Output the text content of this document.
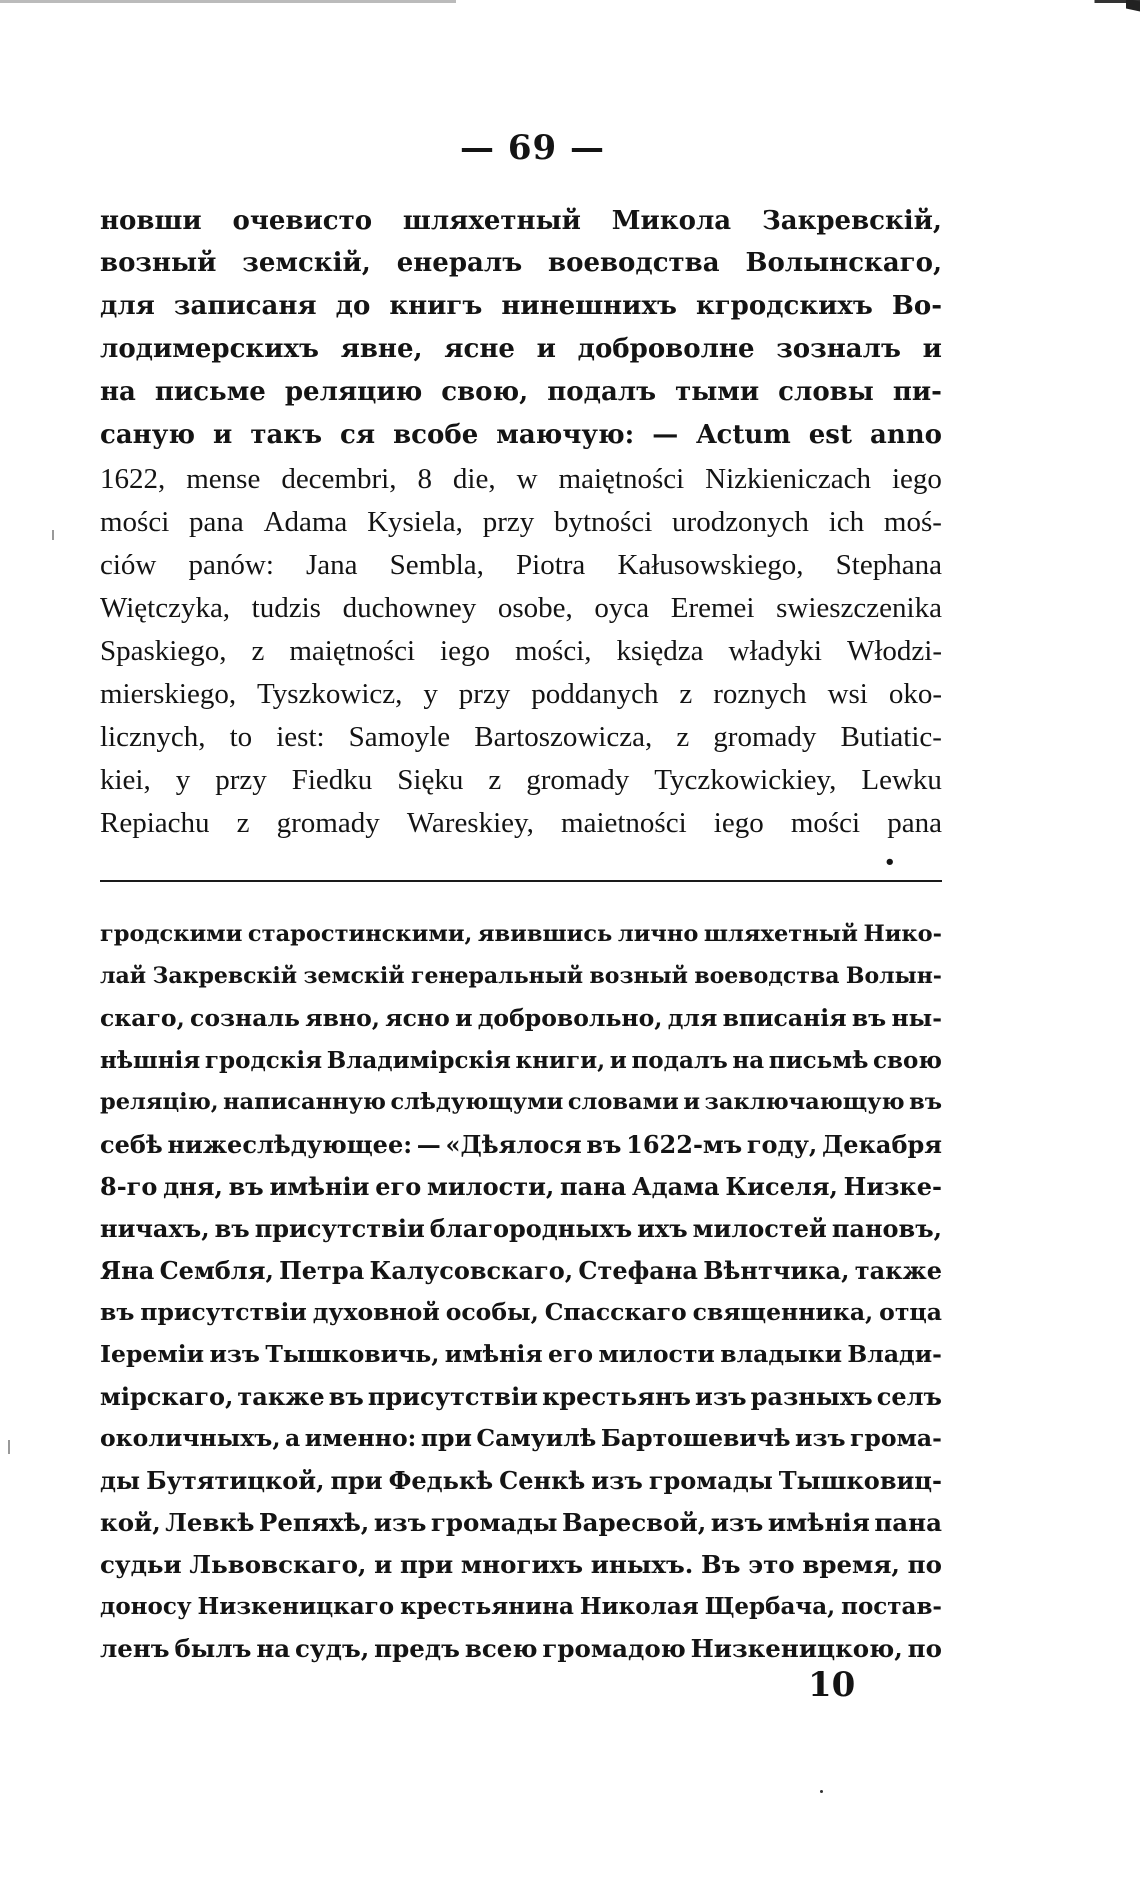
— 69 —
новши очевисто шляхетный Микола Закревскій,
возный земскій, енералъ воеводства Волынскаго,
для записаня до книгъ нинешнихъ кгродскихъ Во-
лодимерскихъ явне, ясне и доброволне зозналъ и
на письме реляцию свою, подалъ тыми словы пи-
саную и такъ ся всобе маючую: — Actum est anno
1622, mense decembri, 8 die, w maiętności Nizkieniczach iego
mości pana Adama Kysiela, przy bytności urodzonych ich moś-
ciów panów: Jana Sembla, Piotra Kałusowskiego, Stephana
Więtczyka, tudzis duchowney osobe, oyca Eremei swieszczenika
Spaskiego, z maiętności iego mości, księdza władyki Włodzi-
mierskiego, Tyszkowicz, y przy poddanych z roznych wsi oko-
licznych, to iest: Samoyle Bartoszowicza, z gromady Butiatic-
kiei, y przy Fiedku Sięku z gromady Tyczkowickiey, Lewku
Repiachu z gromady Wareskiey, maietności iego mości pana
•
гродскими старостинскими, явившись лично шляхетный Нико-
лай Закревскій земскій генеральный возный воеводства Волын-
скаго, созналь явно, ясно и добровольно, для вписанія въ ны-
нѣшнія гродскія Владимірскія книги, и подалъ на письмѣ свою
реляцію, написанную слѣдующуми словами и заключающую въ
себѣ нижеслѣдующее: — «Дѣялося въ 1622-мъ году, Декабря
8-го дня, въ имѣніи его милости, пана Адама Киселя, Низке-
ничахъ, въ присутствіи благородныхъ ихъ милостей пановъ,
Яна Сембля, Петра Калусовскаго, Стефана Вѣнтчика, также
въ присутствіи духовной особы, Спасскаго священника, отца
Іереміи изъ Тышковичь, имѣнія его милости владыки Влади-
мірскаго, также въ присутствіи крестьянъ изъ разныхъ селъ
околичныхъ, а именно: при Самуилѣ Бартошевичѣ изъ грома-
ды Бутятицкой, при Федькѣ Сенкѣ изъ громады Тышковиц-
кой, Левкѣ Репяхѣ, изъ громады Варесвой, изъ имѣнія пана
судьи Львовскаго, и при многихъ иныхъ. Въ это время, по
доносу Низкеницкаго крестьянина Николая Щербача, постав-
ленъ былъ на судъ, предъ всею громадою Низкеницкою, по
10
